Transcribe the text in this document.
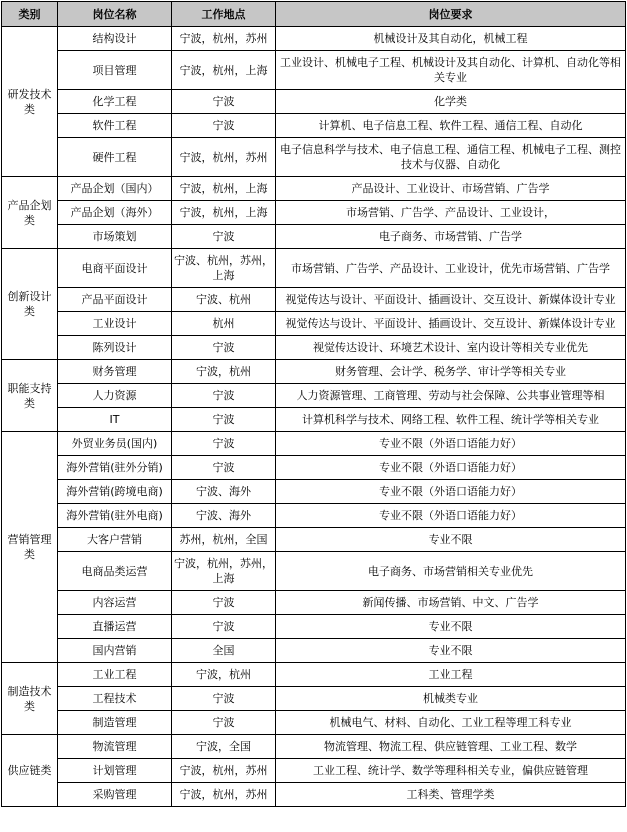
类别	岗位名称	工作地点	岗位要求
研发技术类	结构设计	宁波，杭州，苏州	机械设计及其自动化，机械工程
	项目管理	宁波，杭州，上海	工业设计、机械电子工程、机械设计及其自动化、计算机、自动化等相关专业
	化学工程	宁波	化学类
	软件工程	宁波	计算机、电子信息工程、软件工程、通信工程、自动化
	硬件工程	宁波，杭州，苏州	电子信息科学与技术、电子信息工程、通信工程、机械电子工程、测控技术与仪器、自动化
产品企划类	产品企划（国内）	宁波，杭州，上海	产品设计、工业设计、市场营销、广告学
	产品企划（海外）	宁波，杭州，上海	市场营销、广告学、产品设计、工业设计，
	市场策划	宁波	电子商务、市场营销、广告学
创新设计类	电商平面设计	宁波、杭州，苏州，上海	市场营销、广告学、产品设计、工业设计，优先市场营销、广告学
	产品平面设计	宁波、杭州	视觉传达与设计、平面设计、插画设计、交互设计、新媒体设计专业
	工业设计	杭州	视觉传达与设计、平面设计、插画设计、交互设计、新媒体设计专业
	陈列设计	宁波	视觉传达设计、环境艺术设计、室内设计等相关专业优先
职能支持类	财务管理	宁波，杭州	财务管理、会计学、税务学、审计学等相关专业
	人力资源	宁波	人力资源管理、工商管理、劳动与社会保障、公共事业管理等相
	IT	宁波	计算机科学与技术、网络工程、软件工程、统计学等相关专业
营销管理类	外贸业务员(国内)	宁波	专业不限（外语口语能力好）
	海外营销(驻外分销)	宁波	专业不限（外语口语能力好）
	海外营销(跨境电商)	宁波、海外	专业不限（外语口语能力好）
	海外营销(驻外电商)	宁波、海外	专业不限（外语口语能力好）
	大客户营销	苏州，杭州，全国	专业不限
	电商品类运营	宁波，杭州，苏州，上海	电子商务、市场营销相关专业优先
	内容运营	宁波	新闻传播、市场营销、中文、广告学
	直播运营	宁波	专业不限
	国内营销	全国	专业不限
制造技术类	工业工程	宁波，杭州	工业工程
	工程技术	宁波	机械类专业
	制造管理	宁波	机械电气、材料、自动化、工业工程等理工科专业
供应链类	物流管理	宁波，全国	物流管理、物流工程、供应链管理、工业工程、数学
	计划管理	宁波，杭州，苏州	工业工程、统计学、数学等理科相关专业，偏供应链管理
	采购管理	宁波，杭州，苏州	工科类、管理学类
